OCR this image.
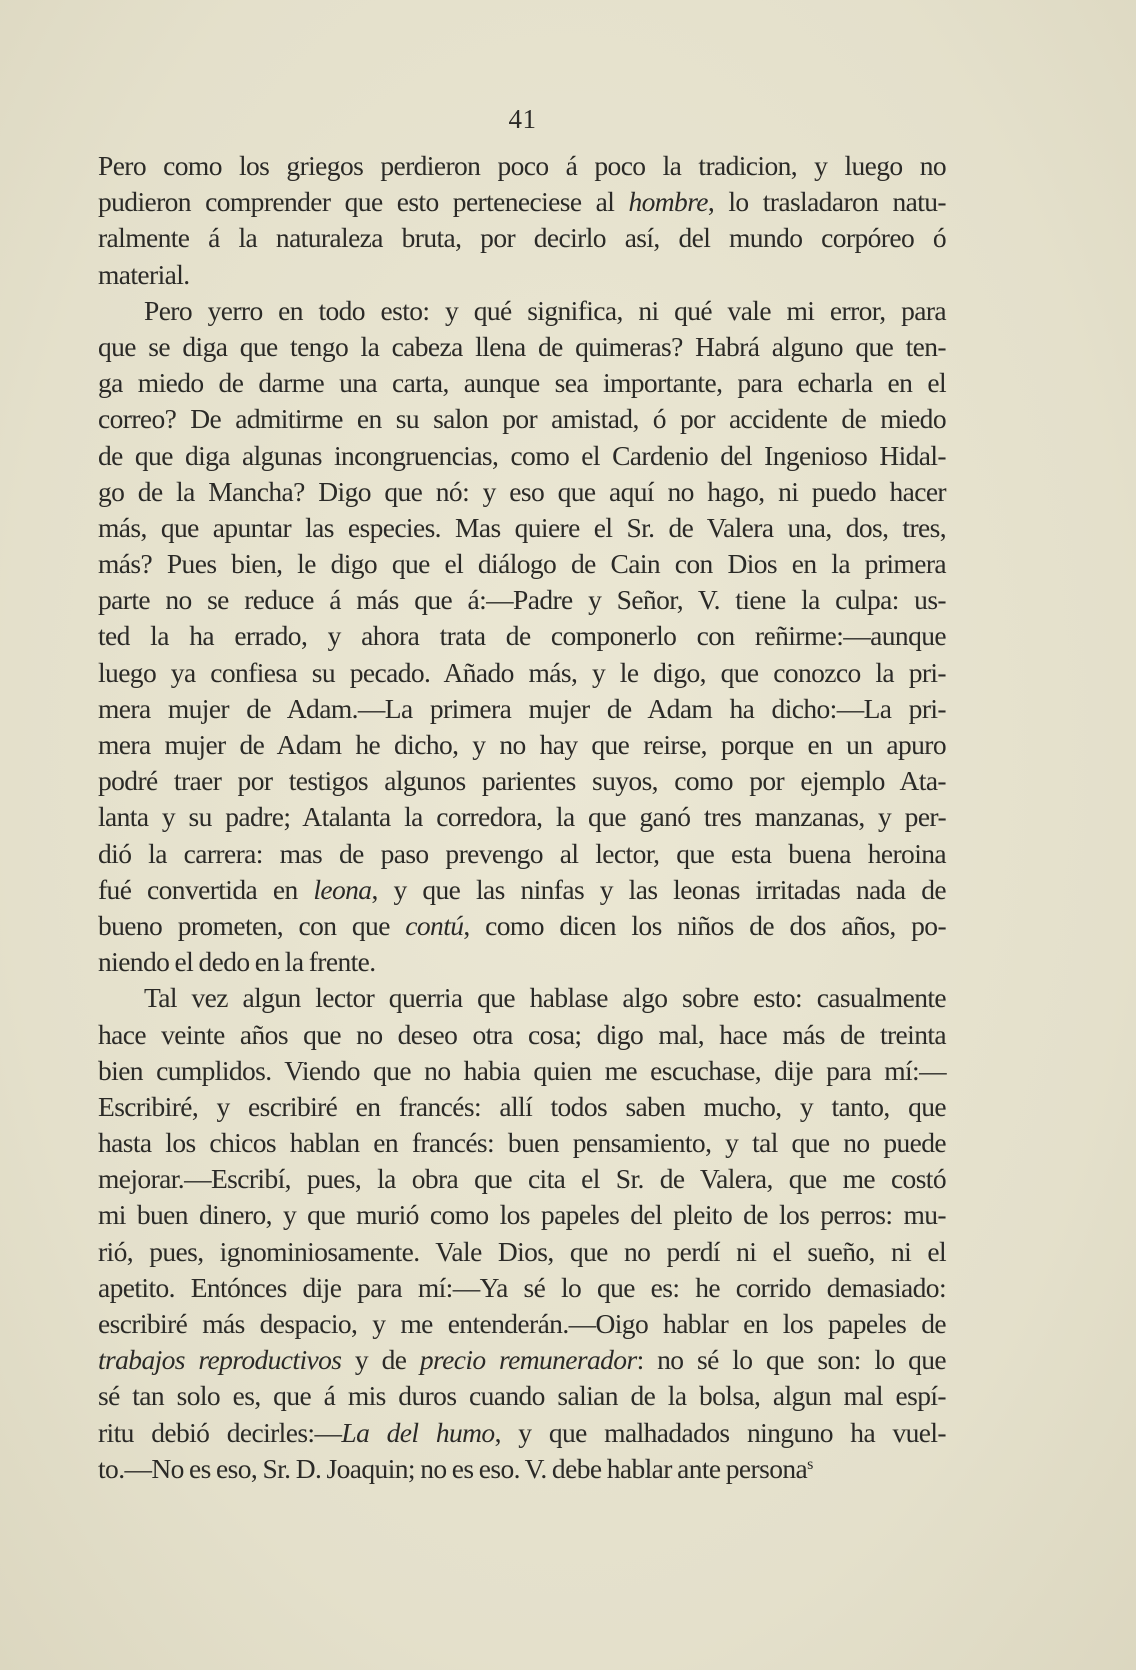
41
Pero como los griegos perdieron poco á poco la tradicion, y luego no
pudieron comprender que esto perteneciese al hombre, lo trasladaron natu-
ralmente á la naturaleza bruta, por decirlo así, del mundo corpóreo ó
material.
Pero yerro en todo esto: y qué significa, ni qué vale mi error, para
que se diga que tengo la cabeza llena de quimeras? Habrá alguno que ten-
ga miedo de darme una carta, aunque sea importante, para echarla en el
correo? De admitirme en su salon por amistad, ó por accidente de miedo
de que diga algunas incongruencias, como el Cardenio del Ingenioso Hidal-
go de la Mancha? Digo que nó: y eso que aquí no hago, ni puedo hacer
más, que apuntar las especies. Mas quiere el Sr. de Valera una, dos, tres,
más? Pues bien, le digo que el diálogo de Cain con Dios en la primera
parte no se reduce á más que á:—Padre y Señor, V. tiene la culpa: us-
ted la ha errado, y ahora trata de componerlo con reñirme:—aunque
luego ya confiesa su pecado. Añado más, y le digo, que conozco la pri-
mera mujer de Adam.—La primera mujer de Adam ha dicho:—La pri-
mera mujer de Adam he dicho, y no hay que reirse, porque en un apuro
podré traer por testigos algunos parientes suyos, como por ejemplo Ata-
lanta y su padre; Atalanta la corredora, la que ganó tres manzanas, y per-
dió la carrera: mas de paso prevengo al lector, que esta buena heroina
fué convertida en leona, y que las ninfas y las leonas irritadas nada de
bueno prometen, con que contú, como dicen los niños de dos años, po-
niendo el dedo en la frente.
Tal vez algun lector querria que hablase algo sobre esto: casualmente
hace veinte años que no deseo otra cosa; digo mal, hace más de treinta
bien cumplidos. Viendo que no habia quien me escuchase, dije para mí:—
Escribiré, y escribiré en francés: allí todos saben mucho, y tanto, que
hasta los chicos hablan en francés: buen pensamiento, y tal que no puede
mejorar.—Escribí, pues, la obra que cita el Sr. de Valera, que me costó
mi buen dinero, y que murió como los papeles del pleito de los perros: mu-
rió, pues, ignominiosamente. Vale Dios, que no perdí ni el sueño, ni el
apetito. Entónces dije para mí:—Ya sé lo que es: he corrido demasiado:
escribiré más despacio, y me entenderán.—Oigo hablar en los papeles de
trabajos reproductivos y de precio remunerador: no sé lo que son: lo que
sé tan solo es, que á mis duros cuando salian de la bolsa, algun mal espí-
ritu debió decirles:—La del humo, y que malhadados ninguno ha vuel-
to.—No es eso, Sr. D. Joaquin; no es eso. V. debe hablar ante persona$^s$
